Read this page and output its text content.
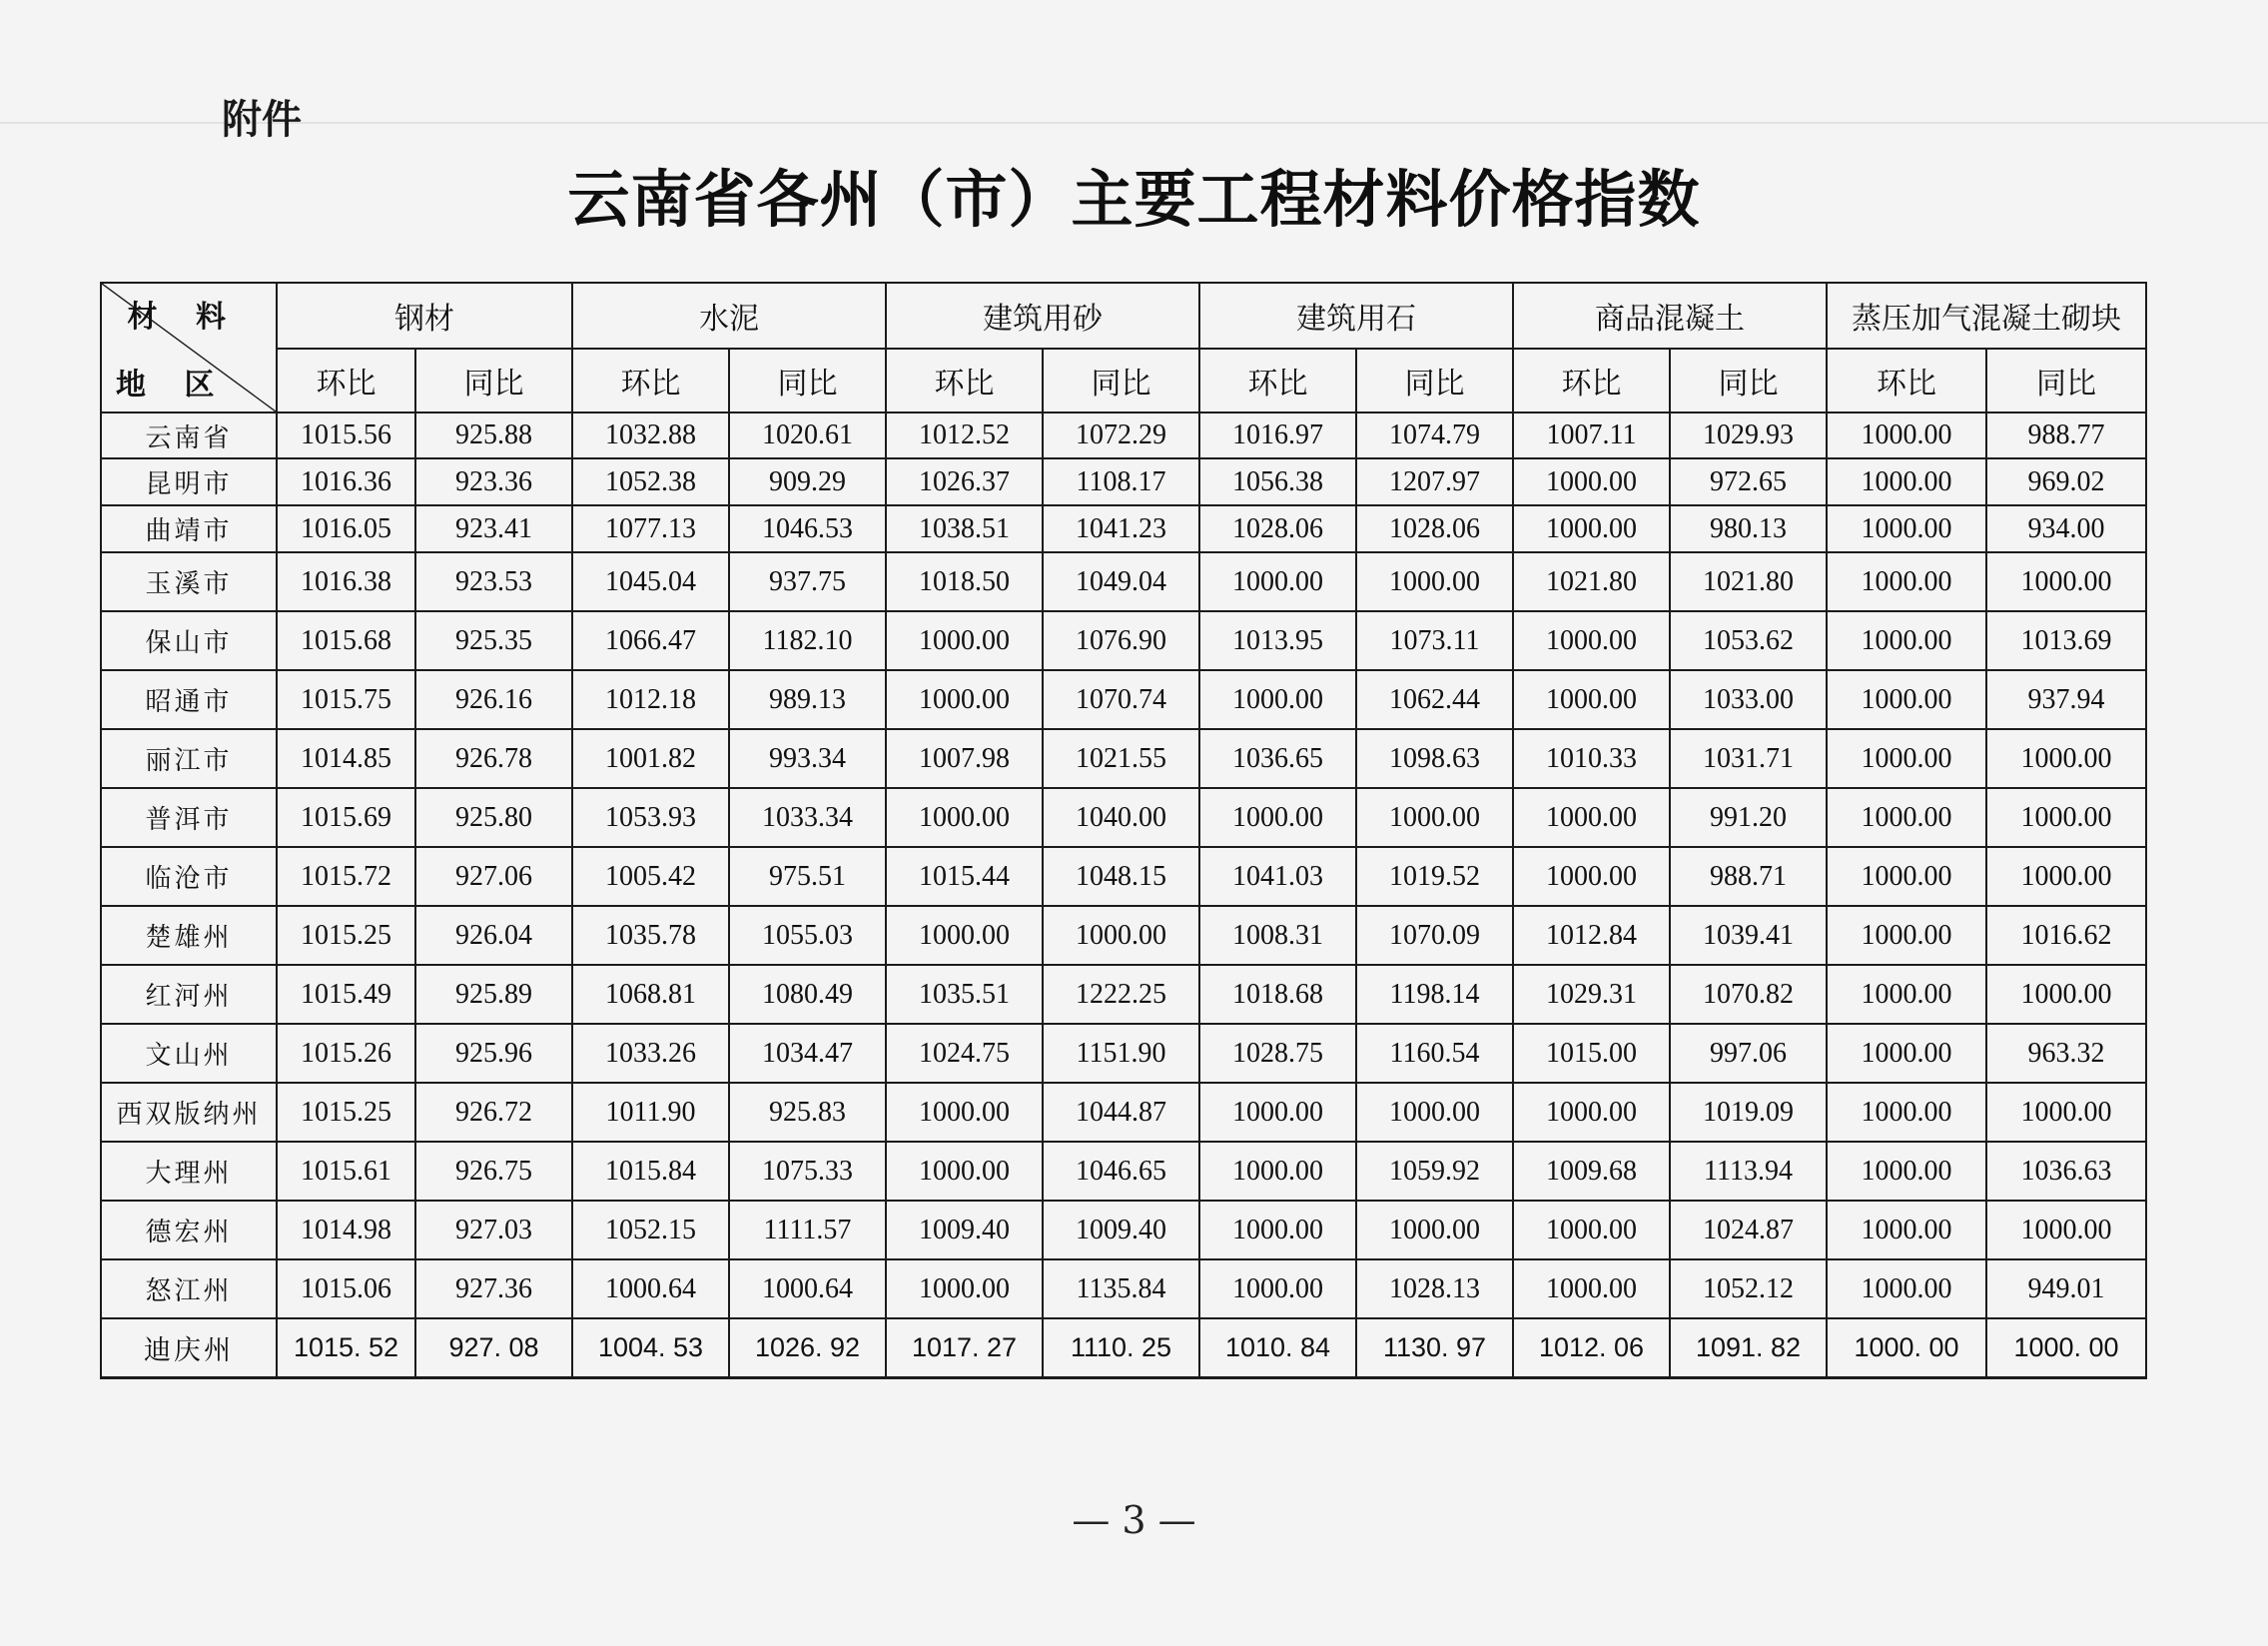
附件
云南省各州（市）主要工程材料价格指数
材 料
地 区	钢材		水泥		建筑用砂		建筑用石		商品混凝土		蒸压加气混凝土砌块	
	环比	同比	环比	同比	环比	同比	环比	同比	环比	同比	环比	同比
云南省	1015.56	925.88	1032.88	1020.61	1012.52	1072.29	1016.97	1074.79	1007.11	1029.93	1000.00	988.77
昆明市	1016.36	923.36	1052.38	909.29	1026.37	1108.17	1056.38	1207.97	1000.00	972.65	1000.00	969.02
曲靖市	1016.05	923.41	1077.13	1046.53	1038.51	1041.23	1028.06	1028.06	1000.00	980.13	1000.00	934.00
玉溪市	1016.38	923.53	1045.04	937.75	1018.50	1049.04	1000.00	1000.00	1021.80	1021.80	1000.00	1000.00
保山市	1015.68	925.35	1066.47	1182.10	1000.00	1076.90	1013.95	1073.11	1000.00	1053.62	1000.00	1013.69
昭通市	1015.75	926.16	1012.18	989.13	1000.00	1070.74	1000.00	1062.44	1000.00	1033.00	1000.00	937.94
丽江市	1014.85	926.78	1001.82	993.34	1007.98	1021.55	1036.65	1098.63	1010.33	1031.71	1000.00	1000.00
普洱市	1015.69	925.80	1053.93	1033.34	1000.00	1040.00	1000.00	1000.00	1000.00	991.20	1000.00	1000.00
临沧市	1015.72	927.06	1005.42	975.51	1015.44	1048.15	1041.03	1019.52	1000.00	988.71	1000.00	1000.00
楚雄州	1015.25	926.04	1035.78	1055.03	1000.00	1000.00	1008.31	1070.09	1012.84	1039.41	1000.00	1016.62
红河州	1015.49	925.89	1068.81	1080.49	1035.51	1222.25	1018.68	1198.14	1029.31	1070.82	1000.00	1000.00
文山州	1015.26	925.96	1033.26	1034.47	1024.75	1151.90	1028.75	1160.54	1015.00	997.06	1000.00	963.32
西双版纳州	1015.25	926.72	1011.90	925.83	1000.00	1044.87	1000.00	1000.00	1000.00	1019.09	1000.00	1000.00
大理州	1015.61	926.75	1015.84	1075.33	1000.00	1046.65	1000.00	1059.92	1009.68	1113.94	1000.00	1036.63
德宏州	1014.98	927.03	1052.15	1111.57	1009.40	1009.40	1000.00	1000.00	1000.00	1024.87	1000.00	1000.00
怒江州	1015.06	927.36	1000.64	1000.64	1000.00	1135.84	1000.00	1028.13	1000.00	1052.12	1000.00	949.01
迪庆州	1015. 52	927. 08	1004. 53	1026. 92	1017. 27	1110. 25	1010. 84	1130. 97	1012. 06	1091. 82	1000. 00	1000. 00
— 3 —
